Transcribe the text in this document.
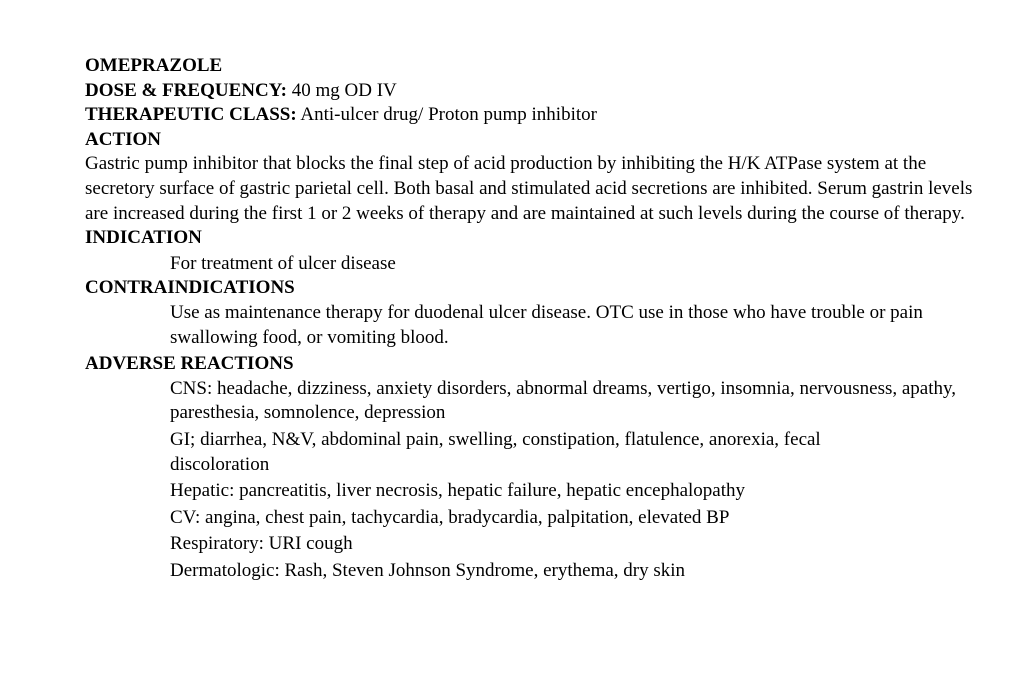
OMEPRAZOLE
DOSE & FREQUENCY: 40 mg OD IV
THERAPEUTIC CLASS: Anti-ulcer drug/ Proton pump inhibitor
ACTION
Gastric pump inhibitor that blocks the final step of acid production by inhibiting the H/K ATPase system at the secretory surface of gastric parietal cell. Both basal and stimulated acid secretions are inhibited. Serum gastrin levels are increased during the first 1 or 2 weeks of therapy and are maintained at such levels during the course of therapy.
INDICATION
For treatment of ulcer disease
CONTRAINDICATIONS
Use as maintenance therapy for duodenal ulcer disease. OTC use in those who have trouble or pain swallowing food, or vomiting blood.
ADVERSE REACTIONS
CNS: headache, dizziness, anxiety disorders, abnormal dreams, vertigo, insomnia, nervousness, apathy, paresthesia, somnolence, depression
GI; diarrhea, N&V, abdominal pain, swelling, constipation, flatulence, anorexia, fecal discoloration
Hepatic: pancreatitis, liver necrosis, hepatic failure, hepatic encephalopathy
CV: angina, chest pain, tachycardia, bradycardia, palpitation, elevated BP
Respiratory: URI cough
Dermatologic: Rash, Steven Johnson Syndrome, erythema, dry skin
